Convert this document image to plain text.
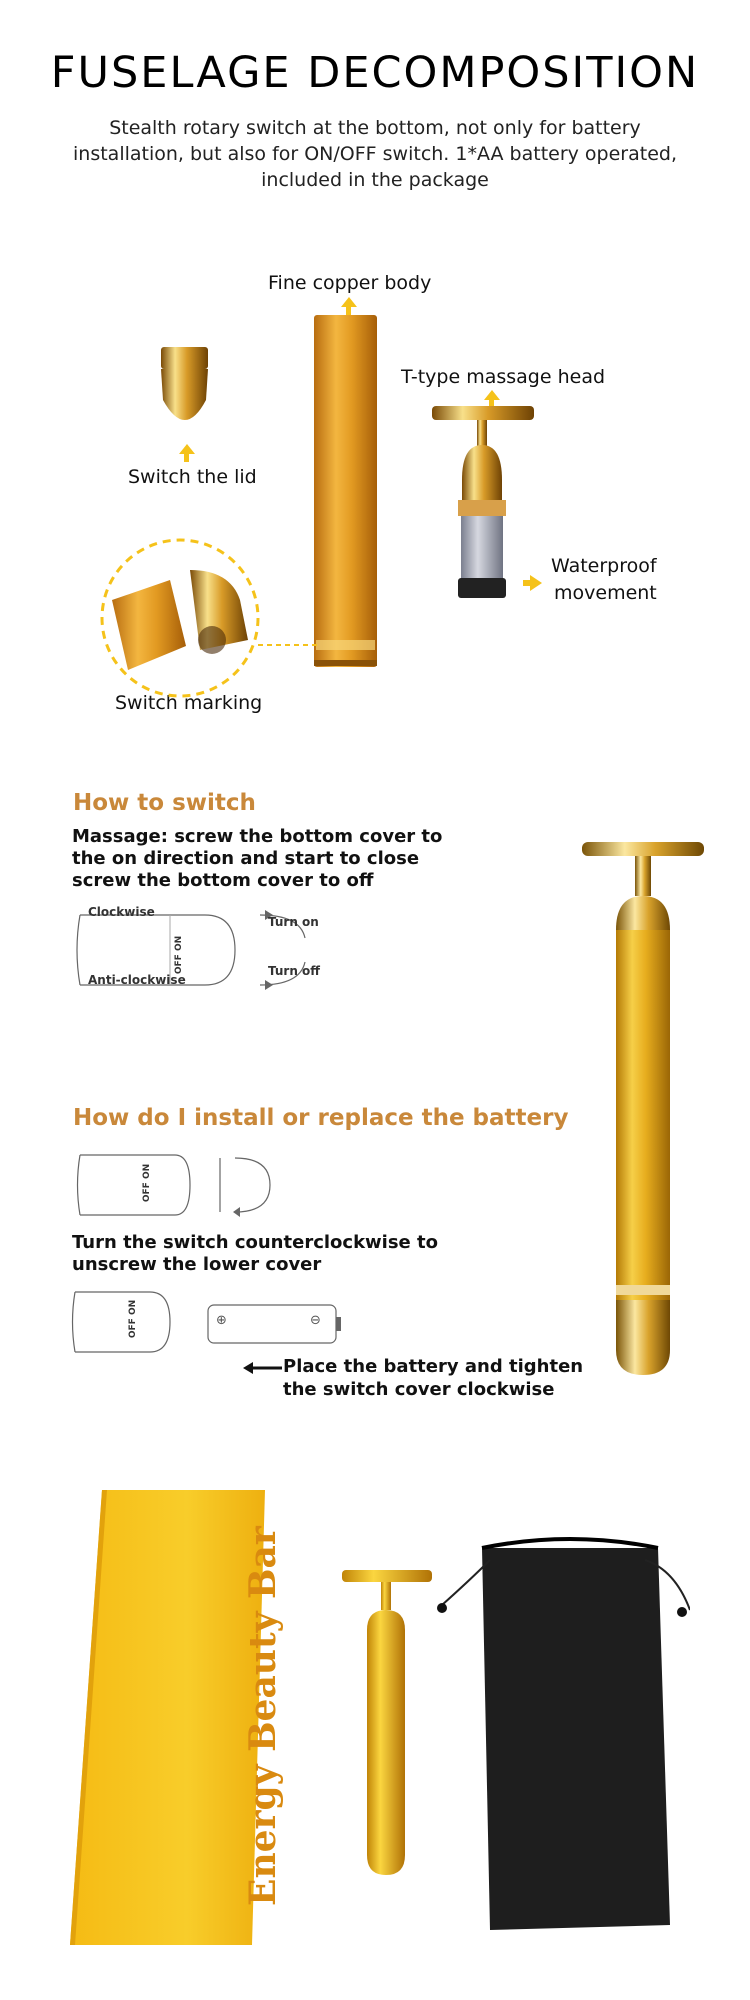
FUSELAGE DECOMPOSITION
Stealth rotary switch at the bottom, not only for battery installation, but also for ON/OFF switch. 1*AA battery operated, included in the package
Fine copper body
T-type massage head
Switch the lid
Waterproof
movement
Switch marking
How to switch
Massage: screw the bottom cover to the on direction and start to close screw the bottom cover to off
Clockwise
Anti-clockwise
Turn on
Turn off
OFF ON
How do I install or replace the battery
OFF ON
Turn the switch counterclockwise to unscrew the lower cover
OFF ON	⊕	⊖
Place the battery and tighten
the switch cover clockwise
Energy Beauty Bar
